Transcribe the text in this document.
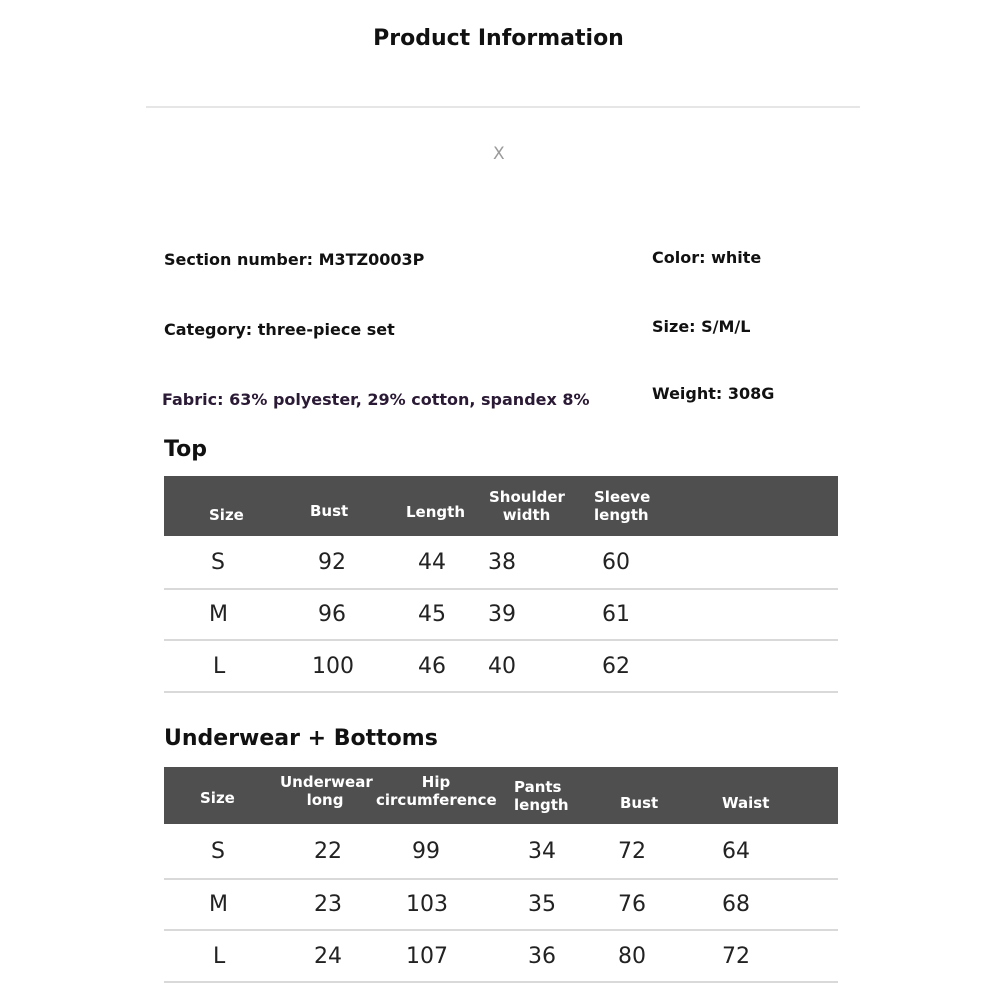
Product Information
X
Section number: M3TZ0003P
Category: three-piece set
Fabric: 63% polyester, 29% cotton, spandex 8%
Color: white
Size: S/M/L
Weight: 308G
Top
Size	Bust	Length	Shoulder width	Sleeve length
S	92	44	38	60
M	96	45	39	61
L	100	46	40	62
Underwear + Bottoms
Size	Underwear long	Hip circumference	Pants length	Bust	Waist
S	22	99	34	72	64
M	23	103	35	76	68
L	24	107	36	80	72
